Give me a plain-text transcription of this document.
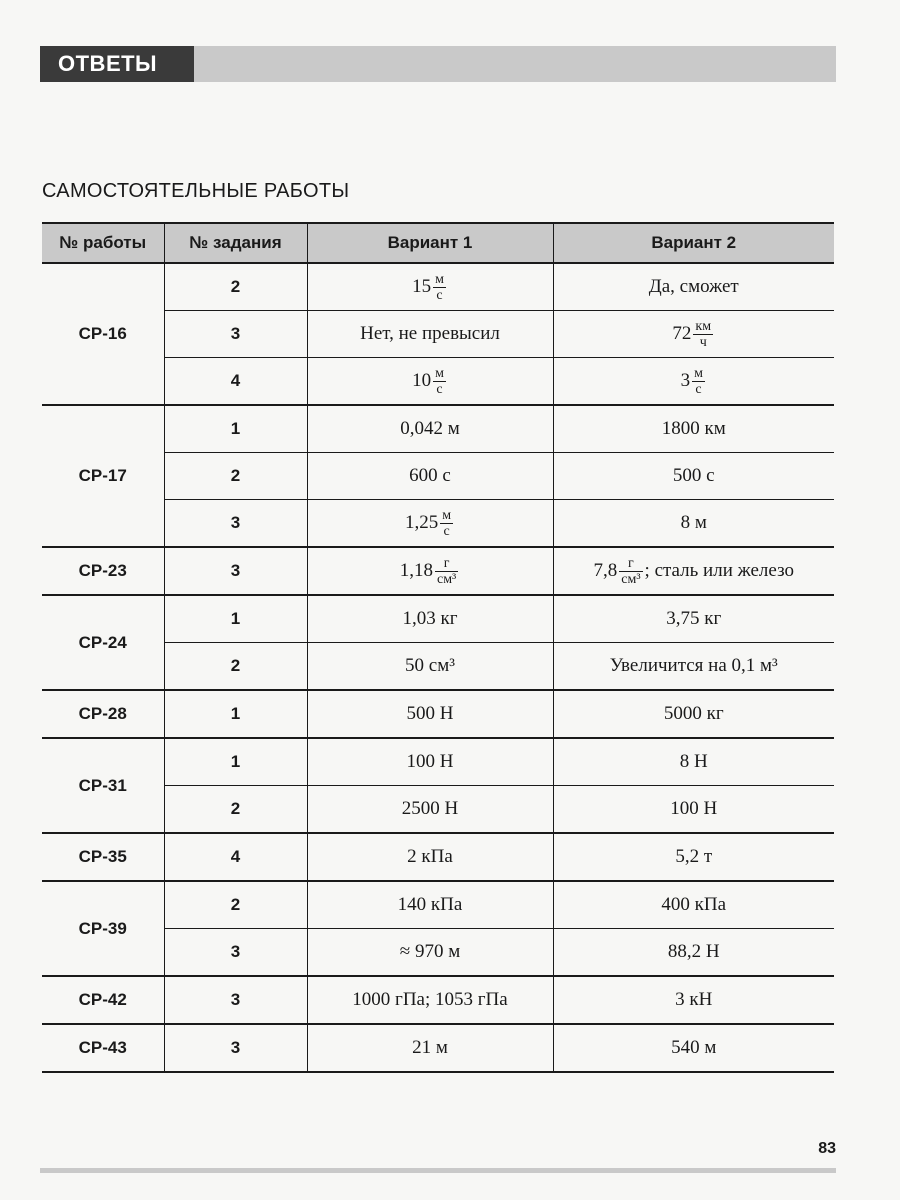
ОТВЕТЫ
САМОСТОЯТЕЛЬНЫЕ РАБОТЫ
№ работы	№ задания	Вариант 1	Вариант 2
СР-16	2	$15 \frac{м}{с}$	Да, сможет
	3	Нет, не превысил	$72 \frac{км}{ч}$

	4	$10 \frac{м}{с}$	$3 \frac{м}{с}$

СР-17	1	0,042 м	1800 км
	2	600 с	500 с
	3	$1,25 \frac{м}{с}$	8 м
СР-23	3	$1,18 \frac{г}{\text{см³}}$	$7,8 \frac{г}{\text{см³}}$ ; сталь или железо
СР-24	1	1,03 кг	3,75 кг
	2	50 см³	Увеличится на 0,1 м³
СР-28	1	500 Н	5000 кг
СР-31	1	100 Н	8 Н
	2	2500 Н	100 Н
СР-35	4	2 кПа	5,2 т
СР-39	2	140 кПа	400 кПа
	3	≈ 970 м	88,2 Н
СР-42	3	1000 гПа; 1053 гПа	3 кН
СР-43	3	21 м	540 м
83
